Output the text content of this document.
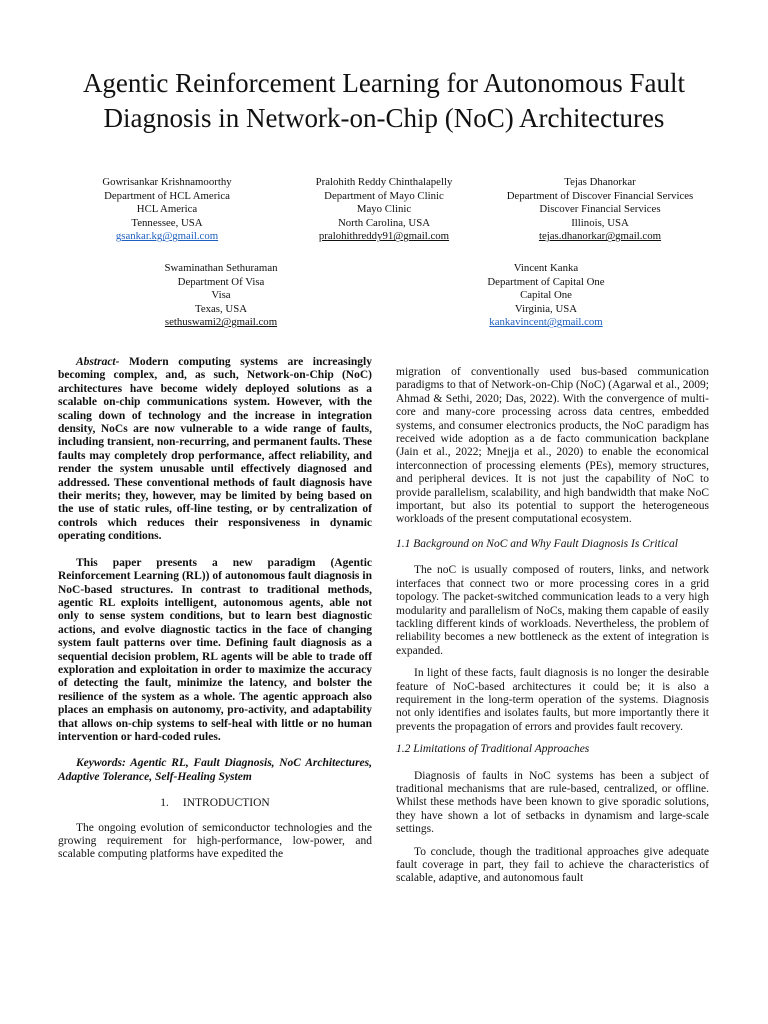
Agentic Reinforcement Learning for Autonomous Fault Diagnosis in Network-on-Chip (NoC) Architectures
Gowrisankar Krishnamoorthy
Department of HCL America
HCL America
Tennessee, USA
gsankar.kg@gmail.com
Pralohith Reddy Chinthalapelly
Department of Mayo Clinic
Mayo Clinic
North Carolina, USA
pralohithreddy91@gmail.com
Tejas Dhanorkar
Department of Discover Financial Services
Discover Financial Services
Illinois, USA
tejas.dhanorkar@gmail.com
Swaminathan Sethuraman
Department Of Visa
Visa
Texas, USA
sethuswami2@gmail.com
Vincent Kanka
Department of Capital One
Capital One
Virginia, USA
kankavincent@gmail.com

Abstract- Modern computing systems are increasingly becoming complex, and, as such, Network-on-Chip (NoC) architectures have become widely deployed solutions as a scalable on-chip communications system. However, with the scaling down of technology and the increase in integration density, NoCs are now vulnerable to a wide range of faults, including transient, non-recurring, and permanent faults. These faults may completely drop performance, affect reliability, and render the system unusable until effectively diagnosed and addressed. These conventional methods of fault diagnosis have their merits; they, however, may be limited by being based on the use of static rules, off-line testing, or by centralization of controls which reduces their responsiveness in dynamic operating conditions.

This paper presents a new paradigm (Agentic Reinforcement Learning (RL)) of autonomous fault diagnosis in NoC-based structures. In contrast to traditional methods, agentic RL exploits intelligent, autonomous agents, able not only to sense system conditions, but to learn best diagnostic actions, and evolve diagnostic tactics in the face of changing system fault patterns over time. Defining fault diagnosis as a sequential decision problem, RL agents will be able to trade off exploration and exploitation in order to maximize the accuracy of detecting the fault, minimize the latency, and bolster the resilience of the system as a whole. The agentic approach also places an emphasis on autonomy, pro-activity, and adaptability that allows on-chip systems to self-heal with little or no human intervention or hard-coded rules.

Keywords: Agentic RL, Fault Diagnosis, NoC Architectures, Adaptive Tolerance, Self-Healing System

1. INTRODUCTION

The ongoing evolution of semiconductor technologies and the growing requirement for high-performance, low-power, and scalable computing platforms have expedited the

migration of conventionally used bus-based communication paradigms to that of Network-on-Chip (NoC) (Agarwal et al., 2009; Ahmad & Sethi, 2020; Das, 2022). With the convergence of multi-core and many-core processing across data centres, embedded systems, and consumer electronics products, the NoC paradigm has received wide adoption as a de facto communication backplane (Jain et al., 2022; Mnejja et al., 2020) to enable the economical interconnection of processing elements (PEs), memory structures, and peripheral devices. It is not just the capability of NoC to provide parallelism, scalability, and high bandwidth that make NoC important, but also its potential to support the heterogeneous workloads of the present computational ecosystem.

1.1 Background on NoC and Why Fault Diagnosis Is Critical

The noC is usually composed of routers, links, and network interfaces that connect two or more processing cores in a grid topology. The packet-switched communication leads to a very high modularity and parallelism of NoCs, making them capable of easily tackling different kinds of workloads. Nevertheless, the problem of reliability becomes a new bottleneck as the extent of integration is expanded.

In light of these facts, fault diagnosis is no longer the desirable feature of NoC-based architectures it could be; it is also a requirement in the long-term operation of the systems. Diagnosis not only identifies and isolates faults, but more importantly there it prevents the propagation of errors and provides fault recovery.

1.2 Limitations of Traditional Approaches

Diagnosis of faults in NoC systems has been a subject of traditional mechanisms that are rule-based, centralized, or offline. Whilst these methods have been known to give sporadic solutions, they have shown a lot of setbacks in dynamism and large-scale settings.

To conclude, though the traditional approaches give adequate fault coverage in part, they fail to achieve the characteristics of scalable, adaptive, and autonomous fault
